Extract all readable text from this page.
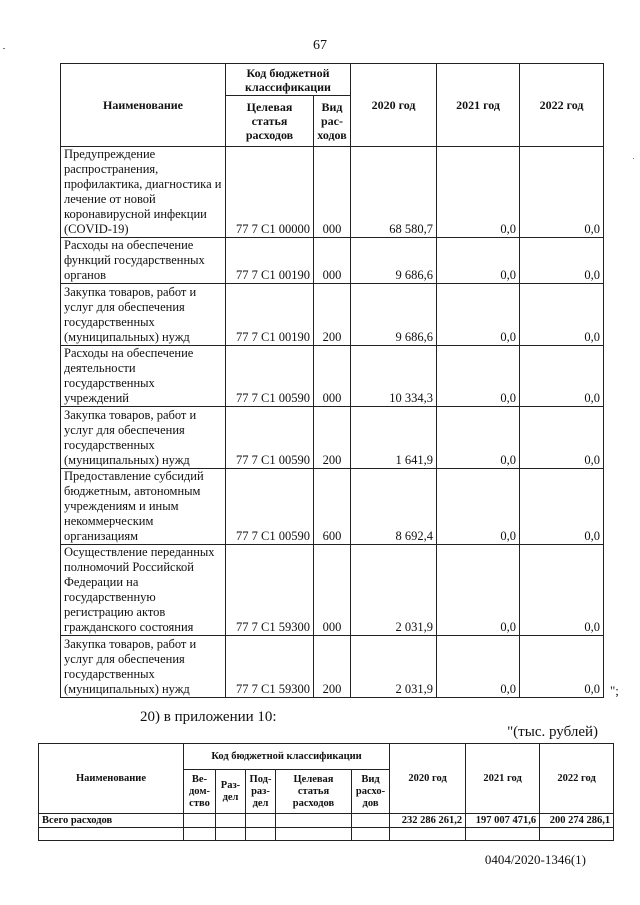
67
Наименование	Код бюджетной классификации		2020 год	2021 год	2022 год
	Целевая статья расходов	Вид рас- ходов			
Предупреждение распространения, профилактика, диагностика и лечение от новой коронавирусной инфекции (COVID-19)	77 7 С1 00000	000	68 580,7	0,0	0,0
Расходы на обеспечение функций государственных органов	77 7 С1 00190	000	9 686,6	0,0	0,0
Закупка товаров, работ и услуг для обеспечения государственных (муниципальных) нужд	77 7 С1 00190	200	9 686,6	0,0	0,0
Расходы на обеспечение деятельности государственных учреждений	77 7 С1 00590	000	10 334,3	0,0	0,0
Закупка товаров, работ и услуг для обеспечения государственных (муниципальных) нужд	77 7 С1 00590	200	1 641,9	0,0	0,0
Предоставление субсидий бюджетным, автономным учреждениям и иным некоммерческим организациям	77 7 С1 00590	600	8 692,4	0,0	0,0
Осуществление переданных полномочий Российской Федерации на государственную регистрацию актов гражданского состояния	77 7 С1 59300	000	2 031,9	0,0	0,0
Закупка товаров, работ и услуг для обеспечения государственных (муниципальных) нужд	77 7 С1 59300	200	2 031,9	0,0	0,0 ";
20) в приложении 10:
"(тыс. рублей)
Наименование	Код бюджетной классификации					2020 год	2021 год	2022 год
	Ве- дом- ство	Раз- дел	Под- раз- дел	Целевая статья расходов	Вид расхо- дов			
Всего расходов						232 286 261,2	197 007 471,6	200 274 286,1

0404/2020-1346(1)
